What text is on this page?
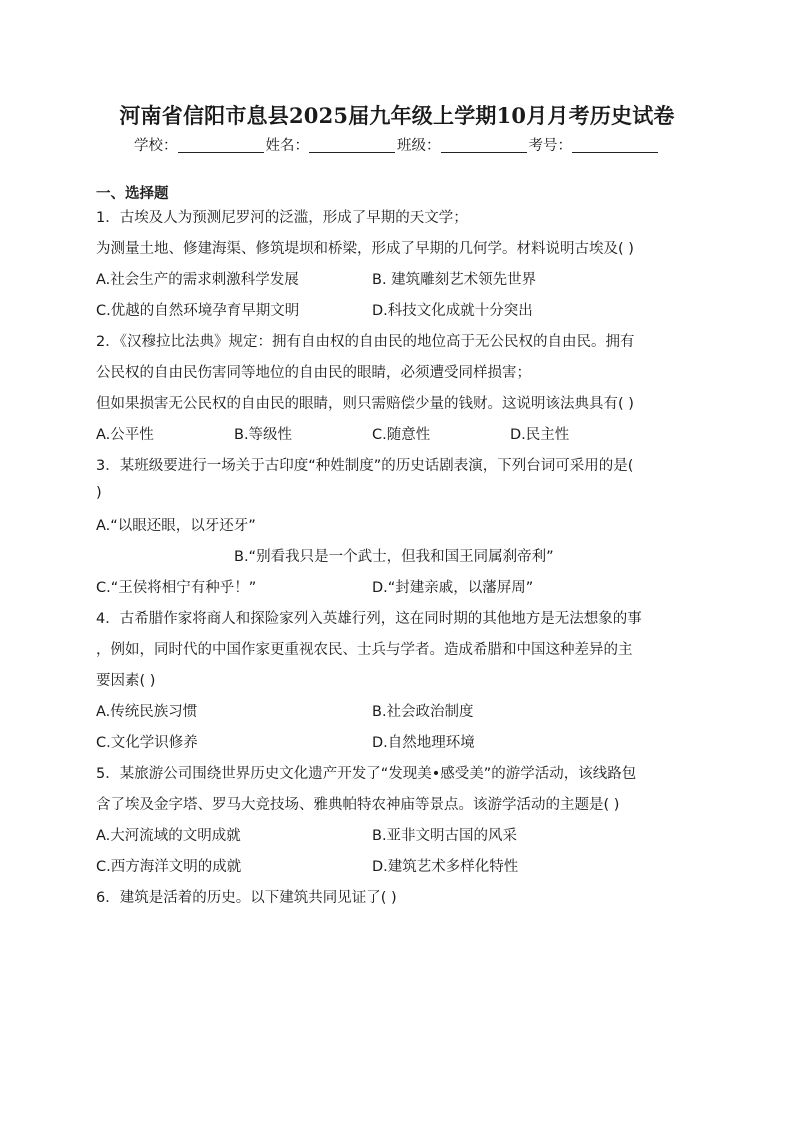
河南省信阳市息县2025届九年级上学期10月月考历史试卷
学校：	姓名：	班级：	考号：
一、选择题
1．古埃及人为预测尼罗河的泛滥，形成了早期的天文学；
为测量土地、修建海渠、修筑堤坝和桥梁，形成了早期的几何学。材料说明古埃及( )
A.社会生产的需求刺激科学发展	B. 建筑雕刻艺术领先世界
C.优越的自然环境孕育早期文明	D.科技文化成就十分突出
2．《汉穆拉比法典》规定：拥有自由权的自由民的地位高于无公民权的自由民。拥有
公民权的自由民伤害同等地位的自由民的眼睛，必须遭受同样损害；
但如果损害无公民权的自由民的眼睛，则只需赔偿少量的钱财。这说明该法典具有( )
A.公平性	B.等级性	C.随意性	D.民主性
3．某班级要进行一场关于古印度“种姓制度”的历史话剧表演，下列台词可采用的是(
)
A.“以眼还眼，以牙还牙”
B.“别看我只是一个武士，但我和国王同属刹帝利”
C.“王侯将相宁有种乎！”	D.“封建亲戚，以藩屏周”
4．古希腊作家将商人和探险家列入英雄行列，这在同时期的其他地方是无法想象的事
，例如，同时代的中国作家更重视农民、士兵与学者。造成希腊和中国这种差异的主
要因素( )
A.传统民族习惯	B.社会政治制度
C.文化学识修养	D.自然地理环境
5．某旅游公司围绕世界历史文化遗产开发了“发现美•感受美”的游学活动，该线路包
含了埃及金字塔、罗马大竞技场、雅典帕特农神庙等景点。该游学活动的主题是( )
A.大河流域的文明成就	B.亚非文明古国的风采
C.西方海洋文明的成就	D.建筑艺术多样化特性
6．建筑是活着的历史。以下建筑共同见证了( )
